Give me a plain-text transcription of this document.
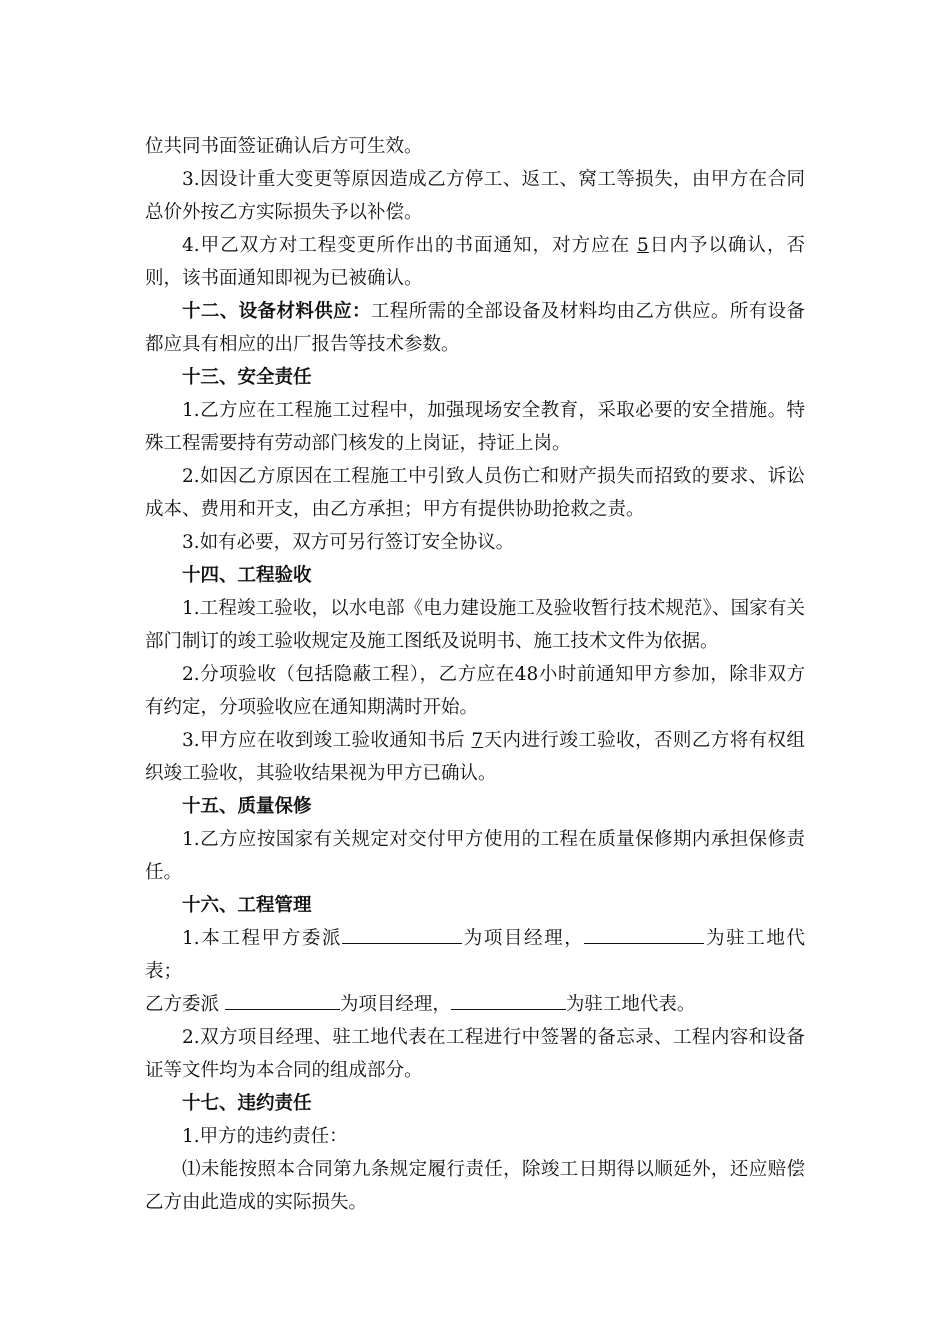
位共同书面签证确认后方可生效。

3.因设计重大变更等原因造成乙方停工、返工、窝工等损失，由甲方在合同总价外按乙方实际损失予以补偿。

4.甲乙双方对工程变更所作出的书面通知，对方应在 5日内予以确认，否则，该书面通知即视为已被确认。

十二、设备材料供应：工程所需的全部设备及材料均由乙方供应。所有设备都应具有相应的出厂报告等技术参数。

十三、安全责任

1.乙方应在工程施工过程中，加强现场安全教育，采取必要的安全措施。特殊工程需要持有劳动部门核发的上岗证，持证上岗。

2.如因乙方原因在工程施工中引致人员伤亡和财产损失而招致的要求、诉讼成本、费用和开支，由乙方承担；甲方有提供协助抢救之责。

3.如有必要，双方可另行签订安全协议。

十四、工程验收

1.工程竣工验收，以水电部《电力建设施工及验收暂行技术规范》、国家有关部门制订的竣工验收规定及施工图纸及说明书、施工技术文件为依据。

2.分项验收（包括隐蔽工程），乙方应在48小时前通知甲方参加，除非双方有约定，分项验收应在通知期满时开始。

3.甲方应在收到竣工验收通知书后 7天内进行竣工验收，否则乙方将有权组织竣工验收，其验收结果视为甲方已确认。

十五、质量保修

1.乙方应按国家有关规定对交付甲方使用的工程在质量保修期内承担保修责任。

十六、工程管理

1.本工程甲方委派	为项目经理，	为驻工地代表；

乙方委派	为项目经理，	为驻工地代表。

2.双方项目经理、驻工地代表在工程进行中签署的备忘录、工程内容和设备证等文件均为本合同的组成部分。

十七、违约责任

1.甲方的违约责任：

⑴未能按照本合同第九条规定履行责任，除竣工日期得以顺延外，还应赔偿乙方由此造成的实际损失。
